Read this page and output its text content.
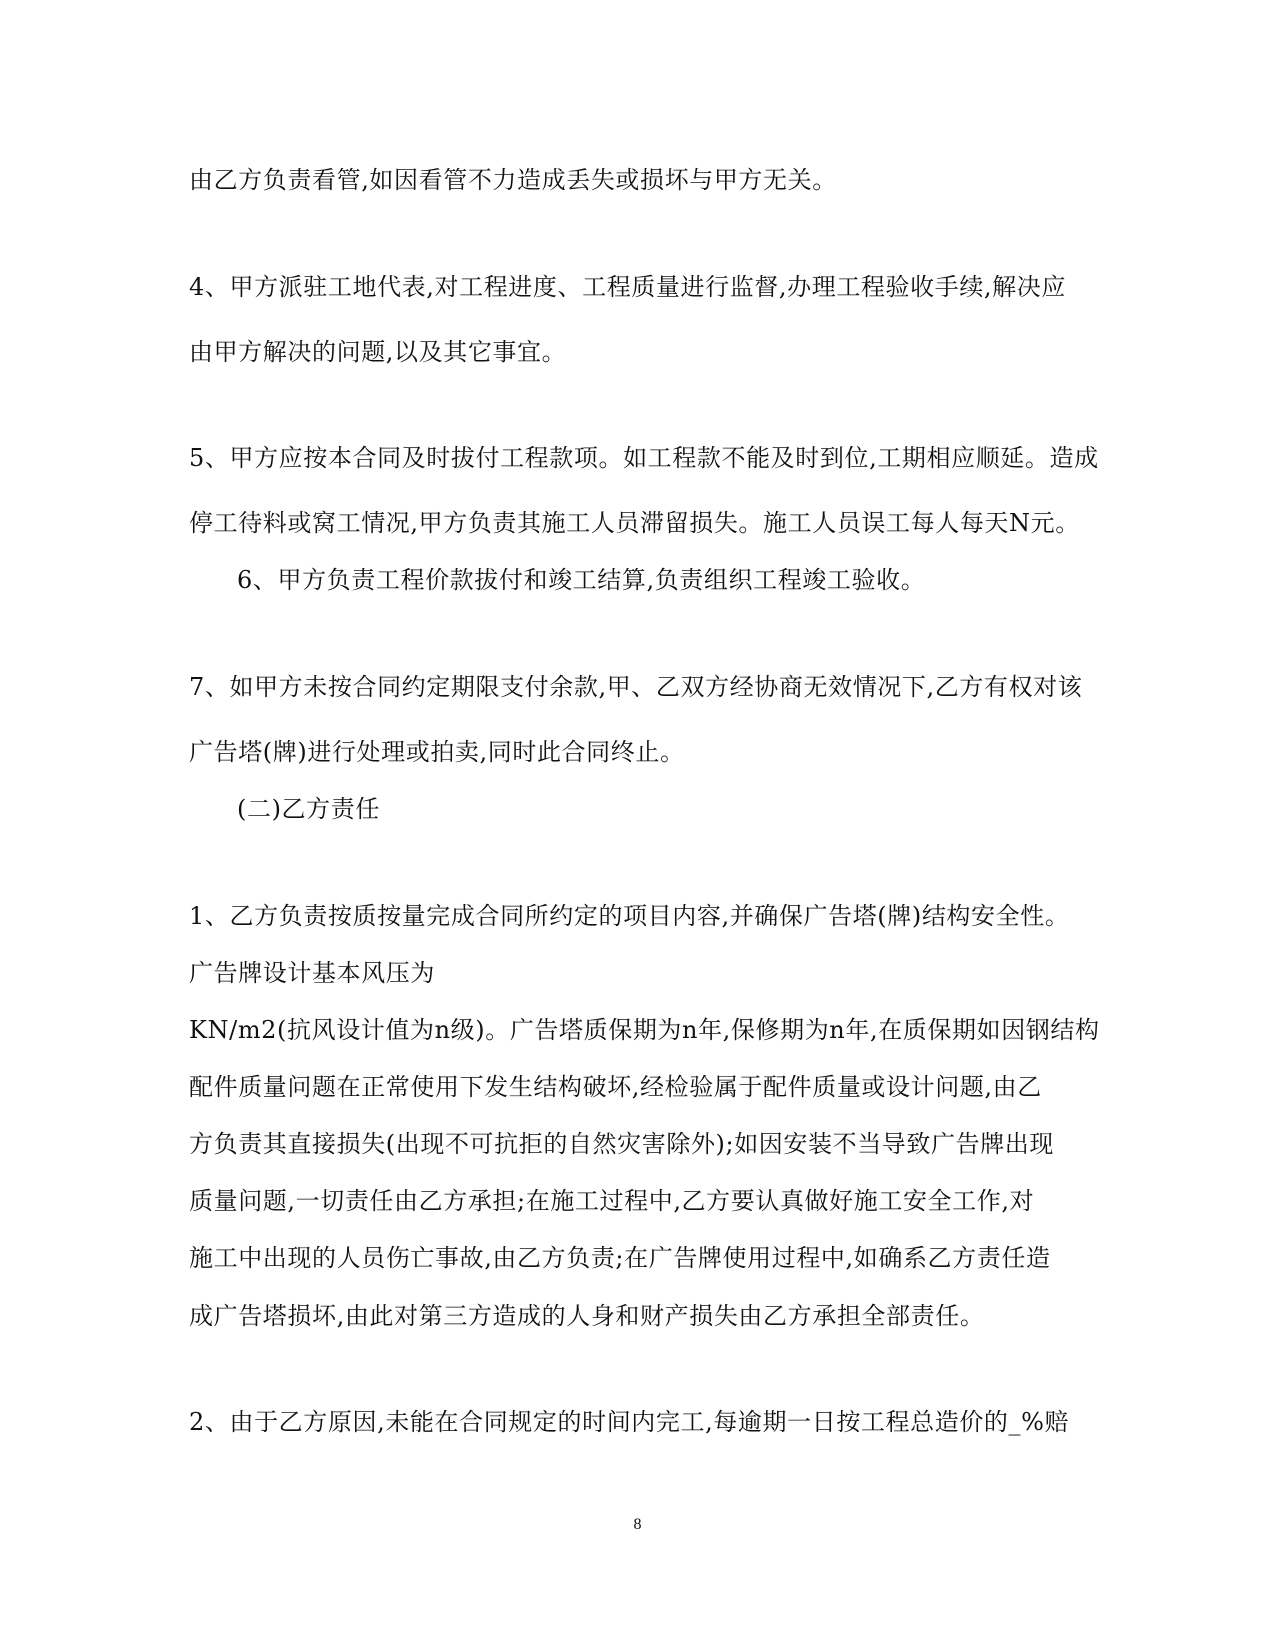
由乙方负责看管,如因看管不力造成丢失或损坏与甲方无关。
4、甲方派驻工地代表,对工程进度、工程质量进行监督,办理工程验收手续,解决应
由甲方解决的问题,以及其它事宜。
5、甲方应按本合同及时拔付工程款项。如工程款不能及时到位,工期相应顺延。造成
停工待料或窝工情况,甲方负责其施工人员滞留损失。施工人员误工每人每天N元。
6、甲方负责工程价款拔付和竣工结算,负责组织工程竣工验收。
7、如甲方未按合同约定期限支付余款,甲、乙双方经协商无效情况下,乙方有权对该
广告塔(牌)进行处理或拍卖,同时此合同终止。
(二)乙方责任
1、乙方负责按质按量完成合同所约定的项目内容,并确保广告塔(牌)结构安全性。
广告牌设计基本风压为
KN/m2(抗风设计值为n级)。广告塔质保期为n年,保修期为n年,在质保期如因钢结构
配件质量问题在正常使用下发生结构破坏,经检验属于配件质量或设计问题,由乙
方负责其直接损失(出现不可抗拒的自然灾害除外);如因安装不当导致广告牌出现
质量问题,一切责任由乙方承担;在施工过程中,乙方要认真做好施工安全工作,对
施工中出现的人员伤亡事故,由乙方负责;在广告牌使用过程中,如确系乙方责任造
成广告塔损坏,由此对第三方造成的人身和财产损失由乙方承担全部责任。
2、由于乙方原因,未能在合同规定的时间内完工,每逾期一日按工程总造价的_%赔
8
